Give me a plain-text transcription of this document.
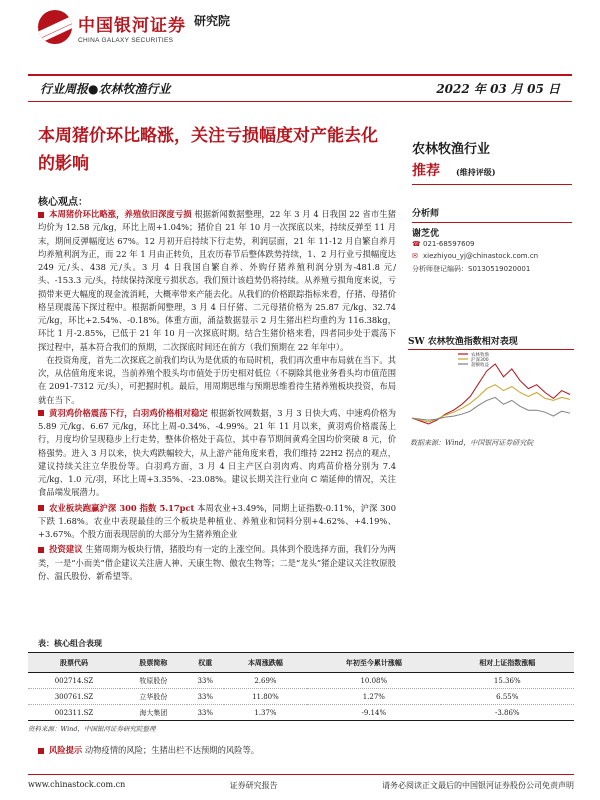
中国银河证券
CHINA GALAXY SECURITIES
研究院
行业周报●农林牧渔行业	2022 年 03 月 05 日
本周猪价环比略涨，关注亏损幅度对产能去化的影响
农林牧渔行业
推荐 (维持评级)
分析师
谢芝优
☎ 021-68597609
✉ xiezhiyou_yj@chinastock.com.cn
分析师登记编码：S0130519020001
SW 农林牧渔指数相对表现
农林牧渔
沪深300
超额收益
数据来源：Wind，中国银河证券研究院
核心观点：

本周猪价环比略涨，养殖依旧深度亏损 根据新闻数据整理，22 年 3 月 4 日我国 22 省市生猪均价为 12.58 元/kg，环比上周+1.04%；猪价自 21 年 10 月一次探底以来，持续反弹至 11 月末，期间反弹幅度达 67%。12 月初开启持续下行走势，利润层面，21 年 11-12 月自繁自养月均养殖利润为正，而 22 年 1 月由正转负，且农历春节后整体跌势持续，1、2 月行业亏损幅度达 249 元/头、438 元/头。3 月 4 日我国自繁自养、外购仔猪养殖利润分别为-481.8 元/头、-153.3 元/头，持续保持深度亏损状态。我们预计该趋势仍将持续。从养殖亏损角度来说，亏损带来更大幅度的现金流消耗，大概率带来产能去化。从我们的价格跟踪指标来看，仔猪、母猪价格呈现震荡下探过程中。根据新闻整理，3 月 4 日仔猪、二元母猪价格为 25.87 元/kg、32.74 元/kg，环比+2.54%、-0.18%。体重方面，涌益数据显示 2 月生猪出栏均重约为 116.38kg，环比 1 月-2.85%，已低于 21 年 10 月一次探底时期。结合生猪价格来看，四者同步处于震荡下探过程中，基本符合我们的预期，二次探底时间还在前方（我们预期在 22 年年中）。

  在投资角度，首先二次探底之前我们均认为是优质的布局时机，我们再次重申布局就在当下。其次，从估值角度来说，当前养殖个股头均市值处于历史相对低位（不剔除其他业务看头均市值范围在 2091-7312 元/头），可把握时机。最后，用周期思维与预期思维看待生猪养殖板块投资，布局就在当下。

黄羽鸡价格震荡下行，白羽鸡价格相对稳定 根据新牧网数据，3 月 3 日快大鸡、中速鸡价格为 5.89 元/kg、6.67 元/kg，环比上周-0.34%、-4.99%。21 年 11 月以来，黄羽鸡价格震荡上行，月度均价呈现稳步上行走势，整体价格处于高位，其中春节期间黄鸡全国均价突破 8 元，价格强势。进入 3 月以来，快大鸡跌幅较大，从上游产能角度来看，我们维持 22H2 拐点的观点，建议持续关注立华股份等。白羽鸡方面，3 月 4 日主产区白羽肉鸡、肉鸡苗价格分别为 7.4 元/kg、1.0 元/羽，环比上周+3.35%、-23.08%。建议长期关注行业向 C 端延伸的情况，关注食品端发展潜力。

农业板块跑赢沪深 300 指数 5.17pct 本周农业+3.49%，同期上证指数-0.11%，沪深 300 下跌 1.68%。农业中表现最佳的三个板块是种植业、养殖业和饲料分别+4.62%、+4.19%、+3.67%。个股方面表现居前的大部分为生猪养殖企业

投资建议 生猪周期为板块行情，猪股均有一定的上涨空间。具体到个股选择方面，我们分为两类，一是“小而美”借企建议关注唐人神、天康生物、傲农生物等；二是“龙头”猪企建议关注牧原股份、温氏股份、新希望等。

表：核心组合表现
股票代码	股票简称	权重	本周涨跌幅	年初至今累计涨幅	相对上证指数涨幅
002714.SZ	牧原股份	33%	2.69%	10.08%	15.36%
300761.SZ	立华股份	33%	11.80%	1.27%	6.55%
002311.SZ	海大集团	33%	1.37%	-9.14%	-3.86%
资料来源：Wind，中国银河证券研究院整理
风险提示 动物疫情的风险；生猪出栏不达预期的风险等。
www.chinastock.com.cn	证券研究报告	请务必阅读正文最后的中国银河证券股份公司免责声明
